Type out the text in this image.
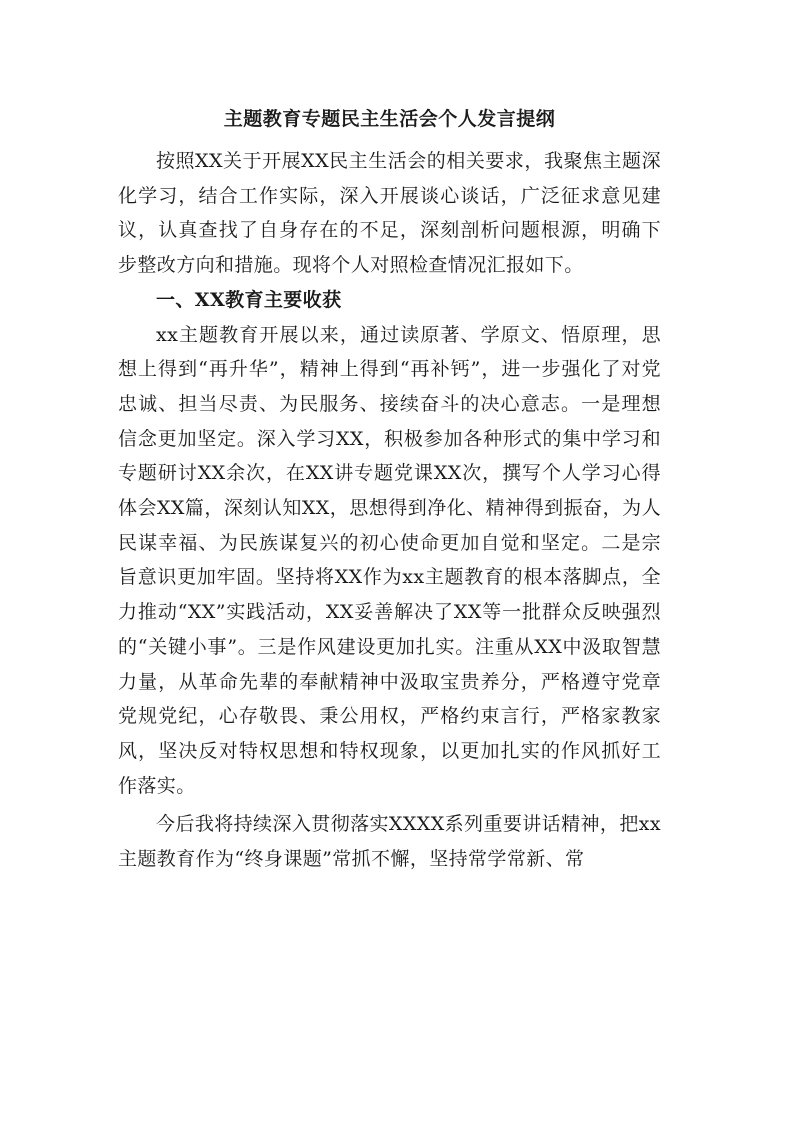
主题教育专题民主生活会个人发言提纲

按照XX关于开展XX民主生活会的相关要求，我聚焦主题深化学习，结合工作实际，深入开展谈心谈话，广泛征求意见建议，认真查找了自身存在的不足，深刻剖析问题根源，明确下步整改方向和措施。现将个人对照检查情况汇报如下。

一、XX教育主要收获

xx主题教育开展以来，通过读原著、学原文、悟原理，思想上得到“再升华”，精神上得到“再补钙”，进一步强化了对党忠诚、担当尽责、为民服务、接续奋斗的决心意志。一是理想信念更加坚定。深入学习XX，积极参加各种形式的集中学习和专题研讨XX余次，在XX讲专题党课XX次，撰写个人学习心得体会XX篇，深刻认知XX，思想得到净化、精神得到振奋，为人民谋幸福、为民族谋复兴的初心使命更加自觉和坚定。二是宗旨意识更加牢固。坚持将XX作为xx主题教育的根本落脚点，全力推动“XX”实践活动，XX妥善解决了XX等一批群众反映强烈的“关键小事”。三是作风建设更加扎实。注重从XX中汲取智慧力量，从革命先辈的奉献精神中汲取宝贵养分，严格遵守党章党规党纪，心存敬畏、秉公用权，严格约束言行，严格家教家风，坚决反对特权思想和特权现象，以更加扎实的作风抓好工作落实。

今后我将持续深入贯彻落实XXXX系列重要讲话精神，把xx主题教育作为“终身课题”常抓不懈，坚持常学常新、常
